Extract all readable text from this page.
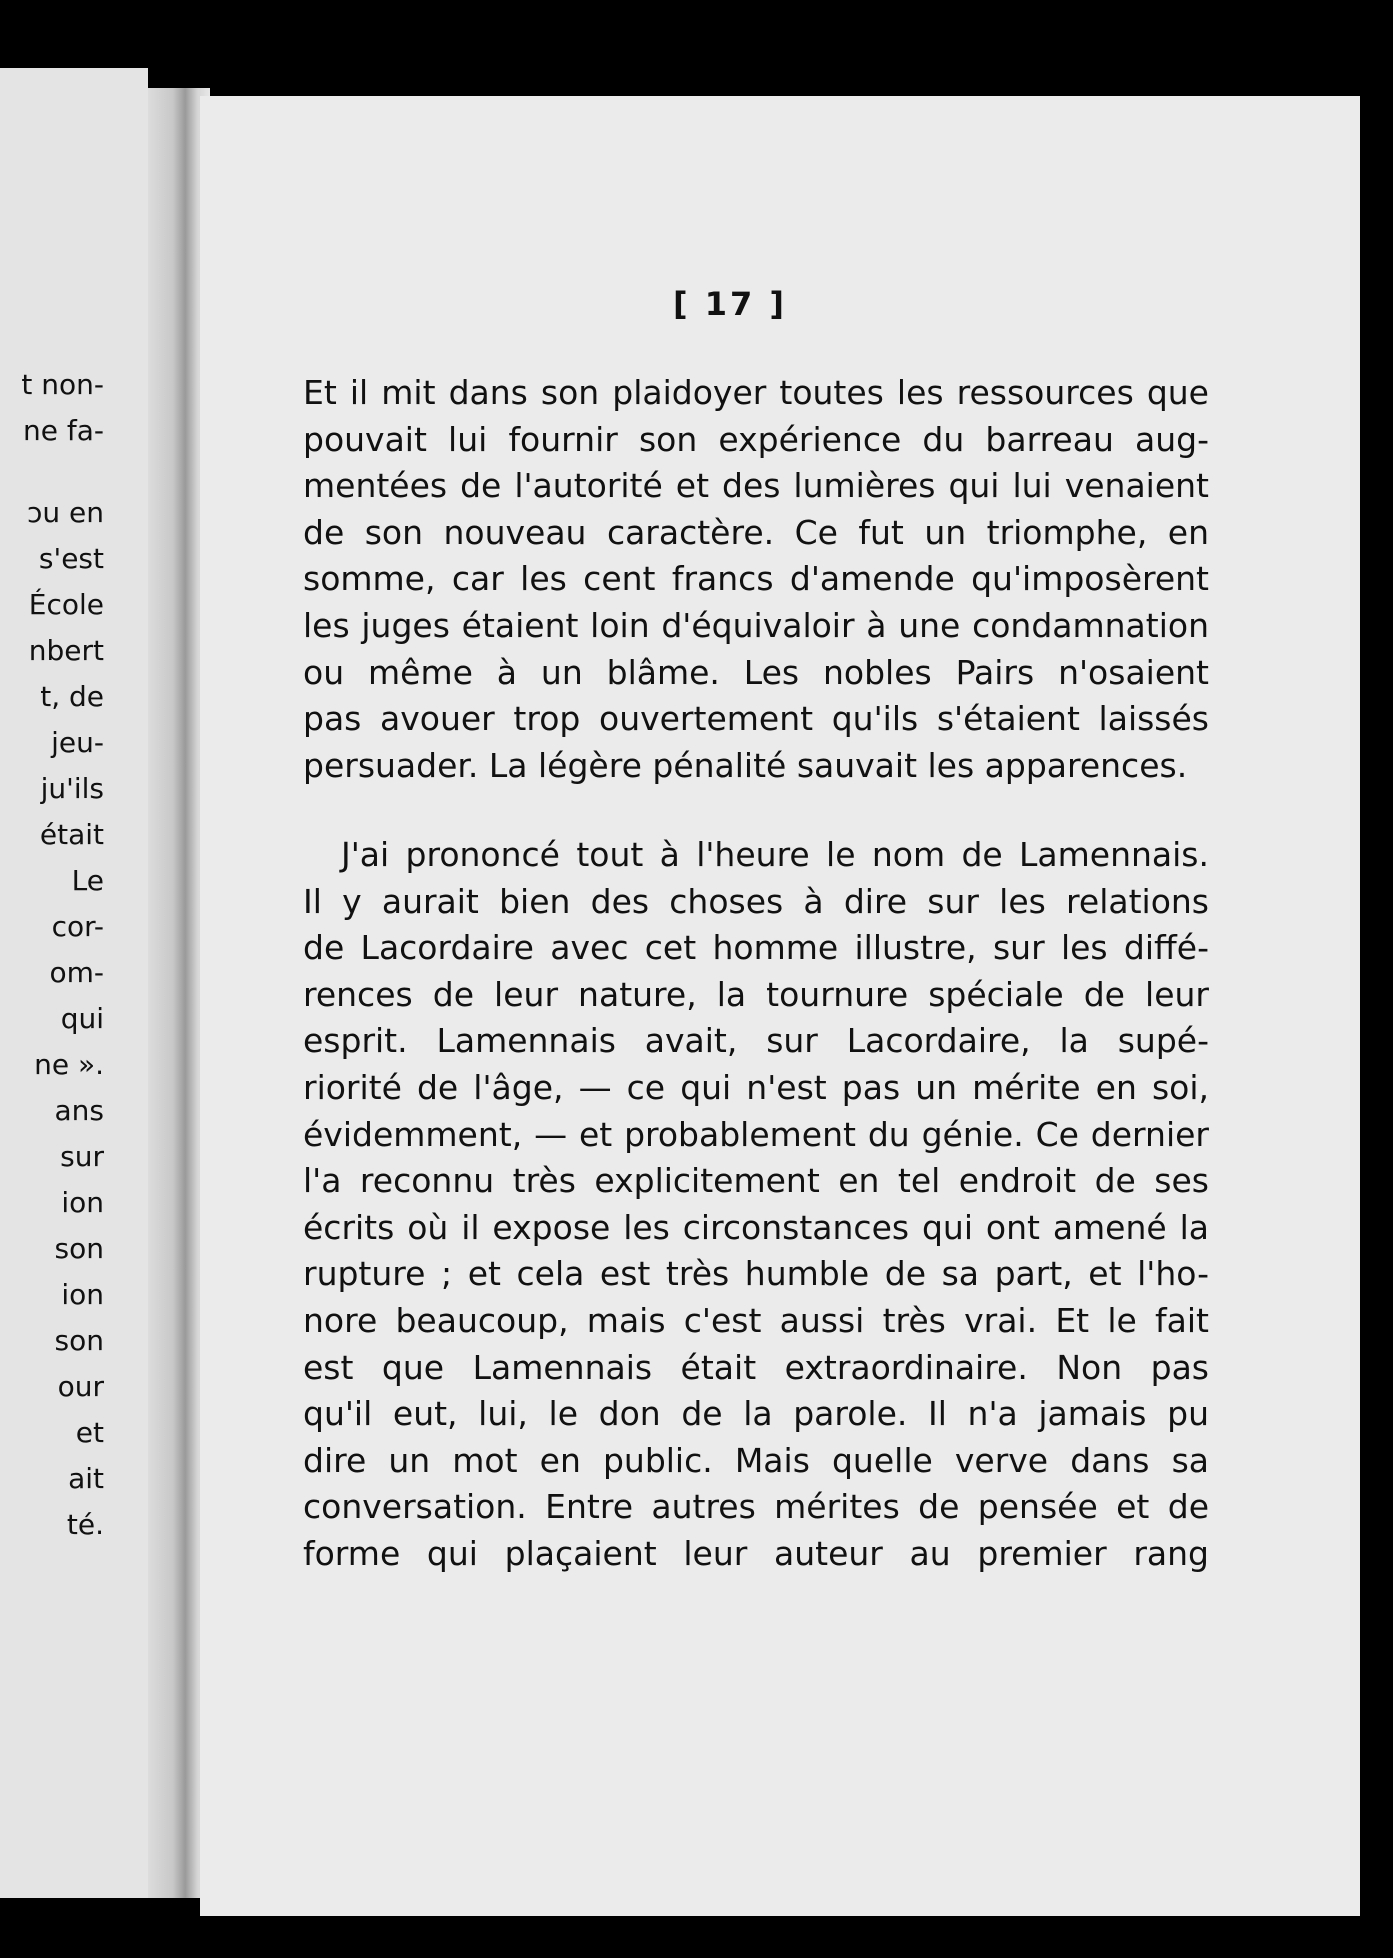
t non-
ne fa-
ɔu en
s'est
École
nbert
t, de
jeu-
ju'ils
était
Le
cor-
om-
qui
ne ».
ans
sur
ion
son
ion
son
our
et
ait
té.
[ 17 ]
Et il mit dans son plaidoyer toutes les ressources que
pouvait lui fournir son expérience du barreau aug-
mentées de l'autorité et des lumières qui lui venaient
de son nouveau caractère. Ce fut un triomphe, en
somme, car les cent francs d'amende qu'imposèrent
les juges étaient loin d'équivaloir à une condamnation
ou même à un blâme. Les nobles Pairs n'osaient
pas avouer trop ouvertement qu'ils s'étaient laissés
persuader. La légère pénalité sauvait les apparences.
J'ai prononcé tout à l'heure le nom de Lamennais.
Il y aurait bien des choses à dire sur les relations
de Lacordaire avec cet homme illustre, sur les diffé-
rences de leur nature, la tournure spéciale de leur
esprit. Lamennais avait, sur Lacordaire, la supé-
riorité de l'âge, — ce qui n'est pas un mérite en soi,
évidemment, — et probablement du génie. Ce dernier
l'a reconnu très explicitement en tel endroit de ses
écrits où il expose les circonstances qui ont amené la
rupture ; et cela est très humble de sa part, et l'ho-
nore beaucoup, mais c'est aussi très vrai. Et le fait
est que Lamennais était extraordinaire. Non pas
qu'il eut, lui, le don de la parole. Il n'a jamais pu
dire un mot en public. Mais quelle verve dans sa
conversation. Entre autres mérites de pensée et de
forme qui plaçaient leur auteur au premier rang
